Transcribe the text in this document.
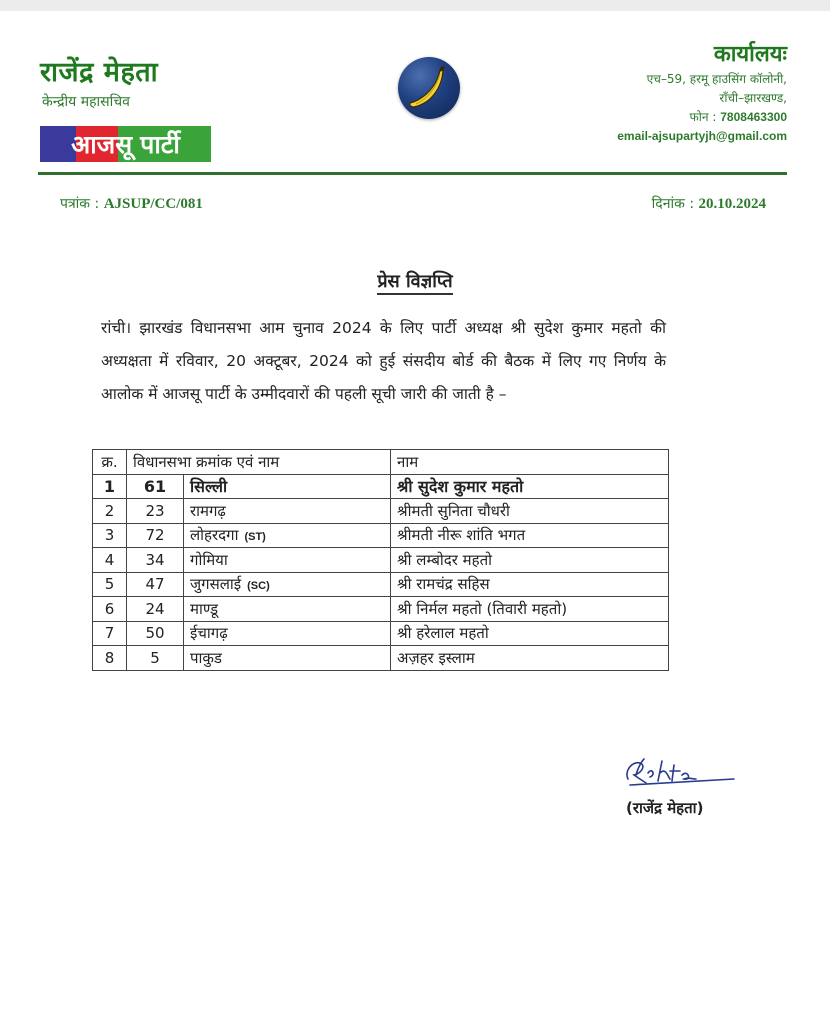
राजेंद्र मेहता
केन्द्रीय महासचिव
आजसू पार्टी
कार्यालयः
एच–59, हरमू हाउसिंग कॉलोनी,
राँची–झारखण्ड,
फोन : 7808463300
email-ajsupartyjh@gmail.com
पत्रांक : AJSUP/CC/081	दिनांक : 20.10.2024
प्रेस विज्ञप्ति
रांची। झारखंड विधानसभा आम चुनाव 2024 के लिए पार्टी अध्यक्ष श्री सुदेश कुमार महतो की अध्यक्षता में रविवार, 20 अक्टूबर, 2024 को हुई संसदीय बोर्ड की बैठक में लिए गए निर्णय के आलोक में आजसू पार्टी के उम्मीदवारों की पहली सूची जारी की जाती है –
क्र.	विधानसभा क्रमांक एवं नाम		नाम
1	61	सिल्ली	श्री सुदेश कुमार महतो
2	23	रामगढ़	श्रीमती सुनिता चौधरी
3	72	लोहरदगा (ST)	श्रीमती नीरू शांति भगत
4	34	गोमिया	श्री लम्बोदर महतो
5	47	जुगसलाई (SC)	श्री रामचंद्र सहिस
6	24	माण्डू	श्री निर्मल महतो (तिवारी महतो)
7	50	ईचागढ़	श्री हरेलाल महतो
8	5	पाकुड	अज़हर इस्लाम
(राजेंद्र मेहता)
